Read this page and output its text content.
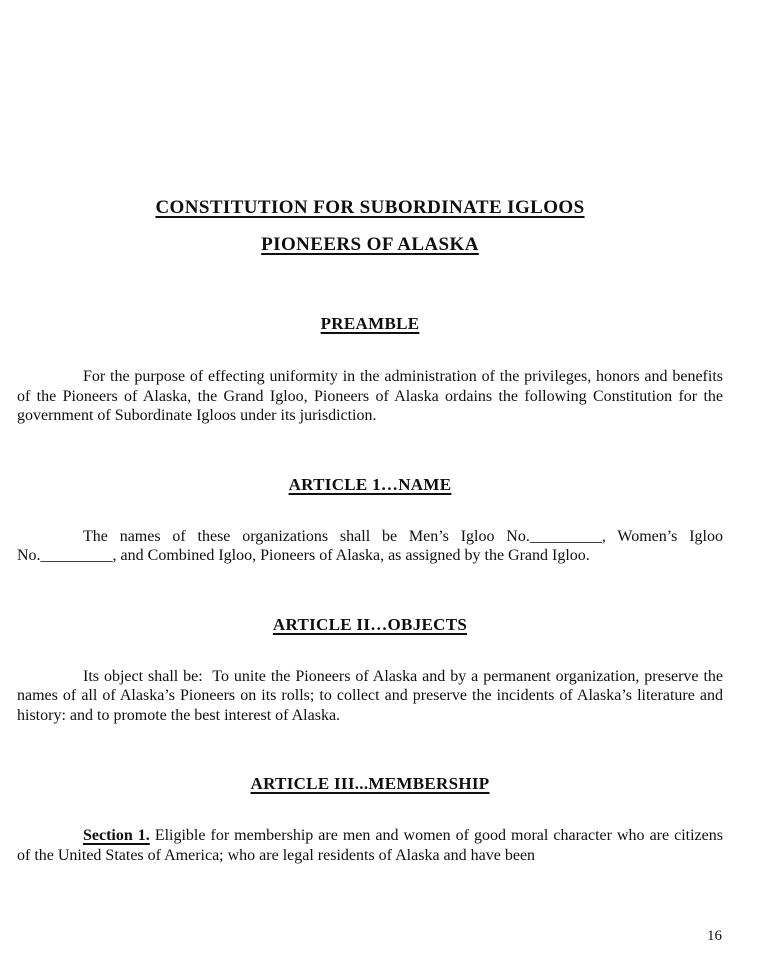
CONSTITUTION FOR SUBORDINATE IGLOOS
PIONEERS OF ALASKA
PREAMBLE

For the purpose of effecting uniformity in the administration of the privileges, honors and benefits of the Pioneers of Alaska, the Grand Igloo, Pioneers of Alaska ordains the following Constitution for the government of Subordinate Igloos under its jurisdiction.

ARTICLE 1…NAME

The names of these organizations shall be Men’s Igloo No._________, Women’s Igloo No._________, and Combined Igloo, Pioneers of Alaska, as assigned by the Grand Igloo.

ARTICLE II…OBJECTS

Its object shall be:  To unite the Pioneers of Alaska and by a permanent organization, preserve the names of all of Alaska’s Pioneers on its rolls; to collect and preserve the incidents of Alaska’s literature and history: and to promote the best interest of Alaska.

ARTICLE III...MEMBERSHIP

Section 1. Eligible for membership are men and women of good moral character who are citizens of the United States of America; who are legal residents of Alaska and have been

16
